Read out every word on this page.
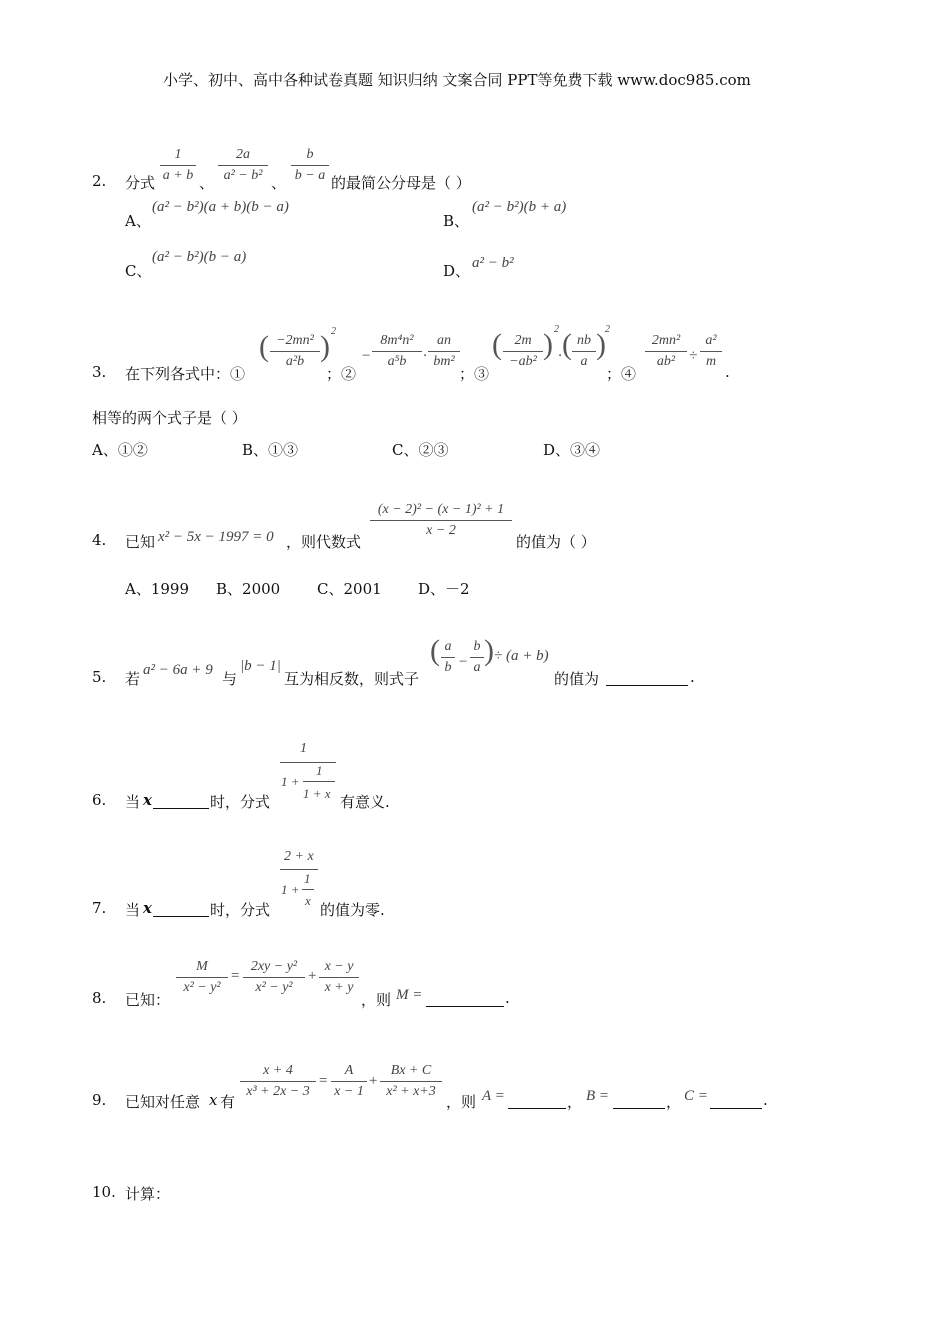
小学、初中、高中各种试卷真题 知识归纳 文案合同 PPT等免费下载 www.doc985.com
2. 分式
1
a + b 、
2a
a² − b² 、
b
b − a 的最简公分母是（ ）
A、
(a² − b²)(a + b)(b − a)
B、
(a² − b²)(b + a)
C、
(a² − b²)(b − a)
D、 a² − b²
3. 在下列各式中：①
( −2mn²
a²b ) 2
；②
−
8m⁴n²
a⁵b	·
an
bm²
；③
( 2m
−ab²
) 2
· ( nb
a
) 2
；④
2mn²
ab² ÷
a²
m
.
相等的两个式子是（ ）
A、①②	B、①③	C、②③	D、③④
4. 已知 x² − 5x − 1997 = 0 ，则代数式
(x − 2)² − (x − 1)² + 1
x − 2
的值为（ ）
A、1999 B、2000 C、2001 D、－2
5. 若 a² − 6a + 9 与
|b − 1|
互为相反数，则式子
( a
b −
b
a
) ÷ (a + b)
的值为	.
6. 当 x	时，分式
1
1 +
1
1 + x 有意义.
7. 当 x	时，分式
2 + x
1 +
1
x
的值为零.
8. 已知：
M
x² − y²
=
2xy − y²
x² − y²
+
x − y
x + y
，则 M =	.
9. 已知对任意 x 有
x + 4
x³ + 2x − 3
=
A
x − 1
+
Bx + C
x² + x+3
，则 A =	， B =	， C =	.
10. 计算：
